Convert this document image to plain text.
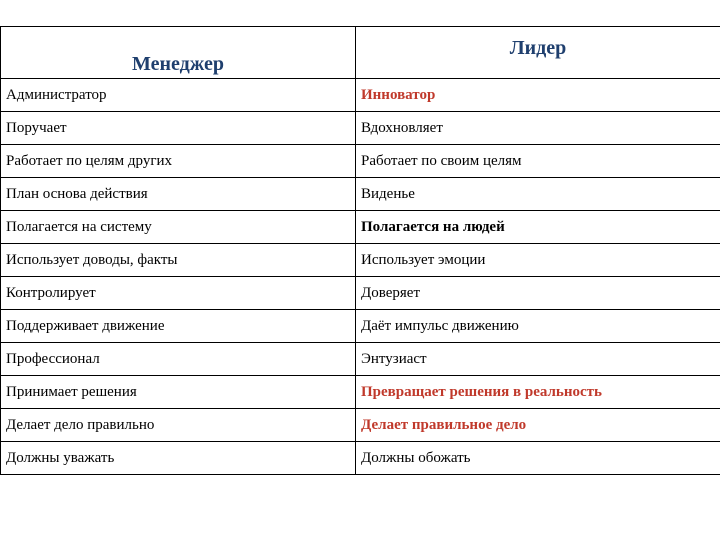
Менеджер	Лидер
Администратор	Инноватор
Поручает	Вдохновляет
Работает по целям других	Работает по своим целям
План основа действия	Виденье
Полагается на систему	Полагается на людей
Использует доводы, факты	Использует эмоции
Контролирует	Доверяет
Поддерживает движение	Даёт импульс движению
Профессионал	Энтузиаст
Принимает решения	Превращает решения в реальность
Делает дело правильно	Делает правильное дело
Должны уважать	Должны обожать
